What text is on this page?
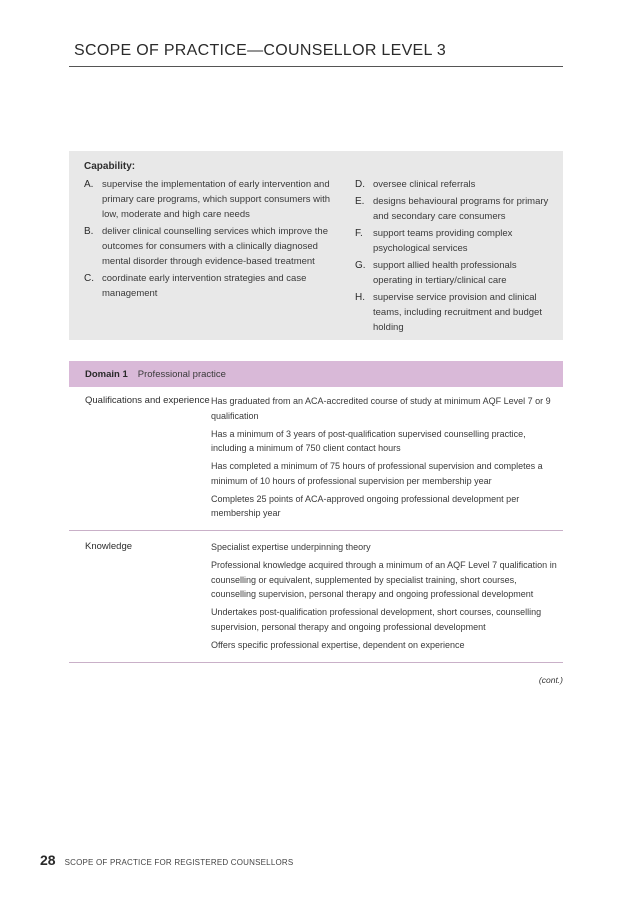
SCOPE OF PRACTICE—COUNSELLOR LEVEL 3
Capability:
A. supervise the implementation of early intervention and primary care programs, which support consumers with low, moderate and high care needs
B. deliver clinical counselling services which improve the outcomes for consumers with a clinically diagnosed mental disorder through evidence-based treatment
C. coordinate early intervention strategies and case management
D. oversee clinical referrals
E. designs behavioural programs for primary and secondary care consumers
F.	support teams providing complex psychological services
G. support allied health professionals operating in tertiary/clinical care
H. supervise service provision and clinical teams, including recruitment and budget holding
Domain 1 Professional practice
Qualifications and experience Has graduated from an ACA-accredited course of study at minimum AQF Level 7 or 9 qualification

Has a minimum of 3 years of post-qualification supervised counselling practice, including a minimum of 750 client contact hours

Has completed a minimum of 75 hours of professional supervision and completes a minimum of 10 hours of professional supervision per membership year

Completes 25 points of ACA-approved ongoing professional development per membership year

Knowledge	Specialist expertise underpinning theory

Professional knowledge acquired through a minimum of an AQF Level 7 qualification in counselling or equivalent, supplemented by specialist training, short courses, counselling supervision, personal therapy and ongoing professional development

Undertakes post-qualification professional development, short courses, counselling supervision, personal therapy and ongoing professional development

Offers specific professional expertise, dependent on experience

(cont.)
28 SCOPE OF PRACTICE FOR REGISTERED COUNSELLORS
